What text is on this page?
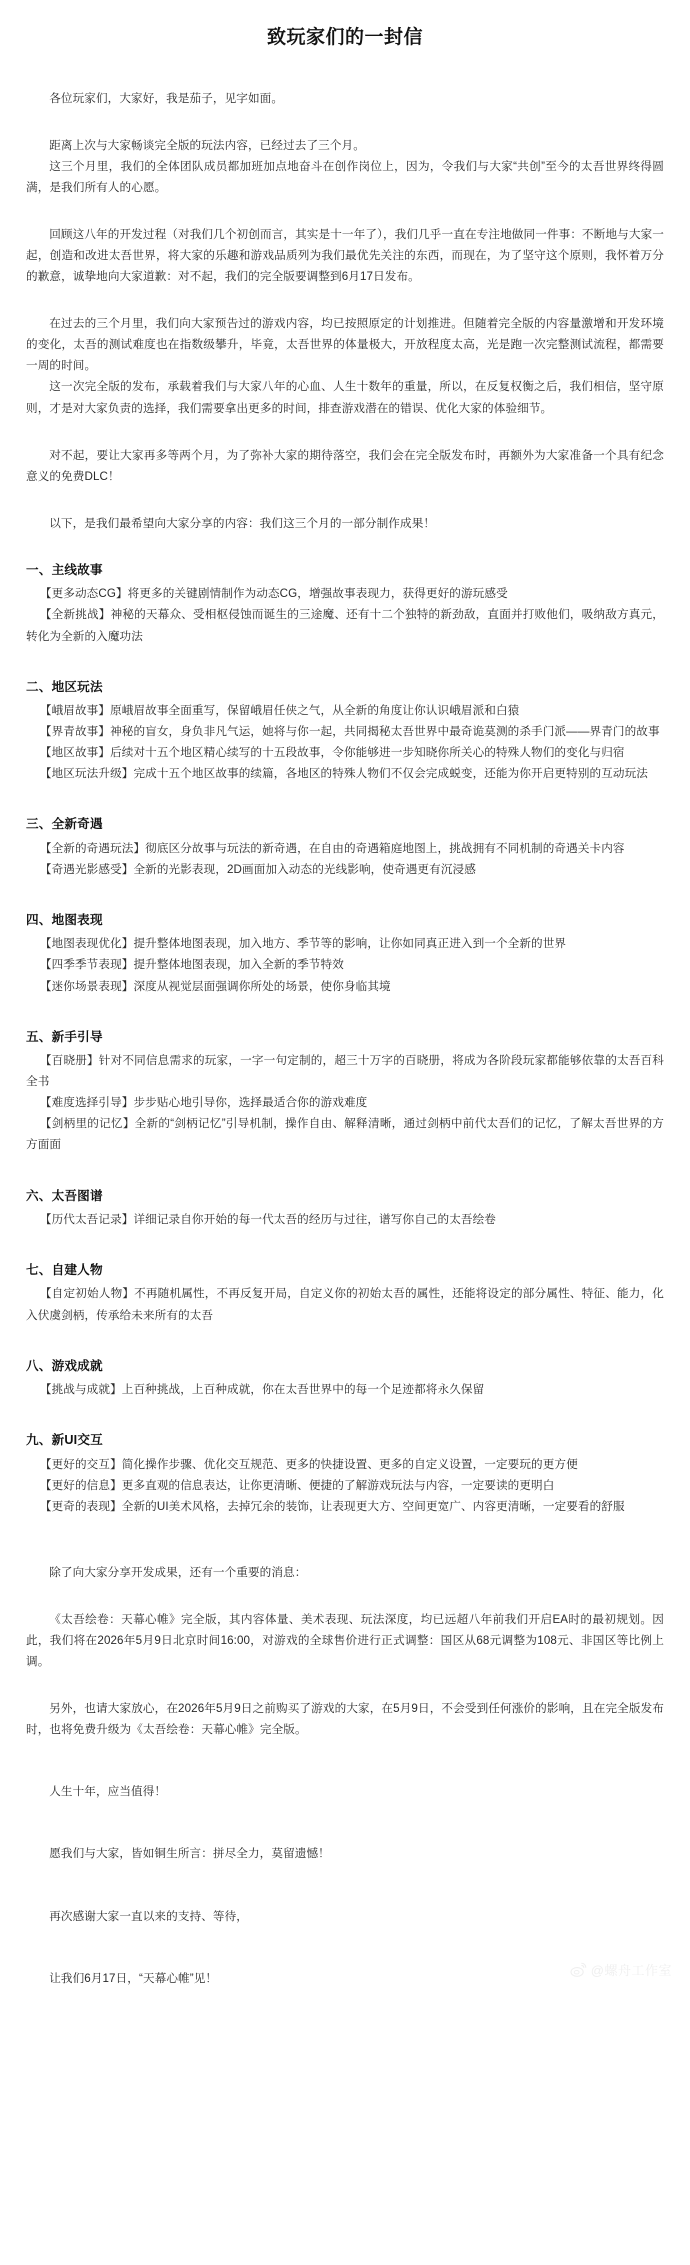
致玩家们的一封信

各位玩家们，大家好，我是茄子，见字如面。

距离上次与大家畅谈完全版的玩法内容，已经过去了三个月。

这三个月里，我们的全体团队成员都加班加点地奋斗在创作岗位上，因为，令我们与大家“共创”至今的太吾世界终得圆满，是我们所有人的心愿。

回顾这八年的开发过程（对我们几个初创而言，其实是十一年了），我们几乎一直在专注地做同一件事：不断地与大家一起，创造和改进太吾世界，将大家的乐趣和游戏品质列为我们最优先关注的东西，而现在，为了坚守这个原则，我怀着万分的歉意，诚挚地向大家道歉：对不起，我们的完全版要调整到6月17日发布。

在过去的三个月里，我们向大家预告过的游戏内容，均已按照原定的计划推进。但随着完全版的内容量激增和开发环境的变化，太吾的测试难度也在指数级攀升，毕竟，太吾世界的体量极大，开放程度太高，光是跑一次完整测试流程，都需要一周的时间。

这一次完全版的发布，承载着我们与大家八年的心血、人生十数年的重量，所以，在反复权衡之后，我们相信，坚守原则，才是对大家负责的选择，我们需要拿出更多的时间，排查游戏潜在的错误、优化大家的体验细节。

对不起，要让大家再多等两个月，为了弥补大家的期待落空，我们会在完全版发布时，再额外为大家准备一个具有纪念意义的免费DLC！

以下，是我们最希望向大家分享的内容：我们这三个月的一部分制作成果！

一、主线故事

【更多动态CG】将更多的关键剧情制作为动态CG，增强故事表现力，获得更好的游玩感受

【全新挑战】神秘的天幕众、受相枢侵蚀而诞生的三途魔、还有十二个独特的新劲敌，直面并打败他们，吸纳敌方真元，转化为全新的入魔功法

二、地区玩法

【峨眉故事】原峨眉故事全面重写，保留峨眉任侠之气，从全新的角度让你认识峨眉派和白猿

【界青故事】神秘的盲女，身负非凡气运，她将与你一起，共同揭秘太吾世界中最奇诡莫测的杀手门派——界青门的故事

【地区故事】后续对十五个地区精心续写的十五段故事，令你能够进一步知晓你所关心的特殊人物们的变化与归宿

【地区玩法升级】完成十五个地区故事的续篇，各地区的特殊人物们不仅会完成蜕变，还能为你开启更特别的互动玩法

三、全新奇遇

【全新的奇遇玩法】彻底区分故事与玩法的新奇遇，在自由的奇遇箱庭地图上，挑战拥有不同机制的奇遇关卡内容

【奇遇光影感受】全新的光影表现，2D画面加入动态的光线影响，使奇遇更有沉浸感

四、地图表现

【地图表现优化】提升整体地图表现，加入地方、季节等的影响，让你如同真正进入到一个全新的世界

【四季季节表现】提升整体地图表现，加入全新的季节特效

【迷你场景表现】深度从视觉层面强调你所处的场景，使你身临其境

五、新手引导

【百晓册】针对不同信息需求的玩家，一字一句定制的，超三十万字的百晓册，将成为各阶段玩家都能够依靠的太吾百科全书

【难度选择引导】步步贴心地引导你，选择最适合你的游戏难度

【剑柄里的记忆】全新的“剑柄记忆”引导机制，操作自由、解释清晰，通过剑柄中前代太吾们的记忆，了解太吾世界的方方面面

六、太吾图谱

【历代太吾记录】详细记录自你开始的每一代太吾的经历与过往，谱写你自己的太吾绘卷

七、自建人物

【自定初始人物】不再随机属性，不再反复开局，自定义你的初始太吾的属性，还能将设定的部分属性、特征、能力，化入伏虞剑柄，传承给未来所有的太吾

八、游戏成就

【挑战与成就】上百种挑战，上百种成就，你在太吾世界中的每一个足迹都将永久保留

九、新UI交互

【更好的交互】简化操作步骤、优化交互规范、更多的快捷设置、更多的自定义设置，一定要玩的更方便

【更好的信息】更多直观的信息表达，让你更清晰、便捷的了解游戏玩法与内容，一定要读的更明白

【更奇的表现】全新的UI美术风格，去掉冗余的装饰，让表现更大方、空间更宽广、内容更清晰，一定要看的舒服

除了向大家分享开发成果，还有一个重要的消息：

《太吾绘卷：天幕心帷》完全版，其内容体量、美术表现、玩法深度，均已远超八年前我们开启EA时的最初规划。因此，我们将在2026年5月9日北京时间16:00，对游戏的全球售价进行正式调整：国区从68元调整为108元、非国区等比例上调。

另外，也请大家放心，在2026年5月9日之前购买了游戏的大家，在5月9日，不会受到任何涨价的影响，且在完全版发布时，也将免费升级为《太吾绘卷：天幕心帷》完全版。

人生十年，应当值得！

愿我们与大家，皆如铜生所言：拼尽全力，莫留遗憾！

再次感谢大家一直以来的支持、等待，

让我们6月17日，“天幕心帷”见！

@螺舟工作室
